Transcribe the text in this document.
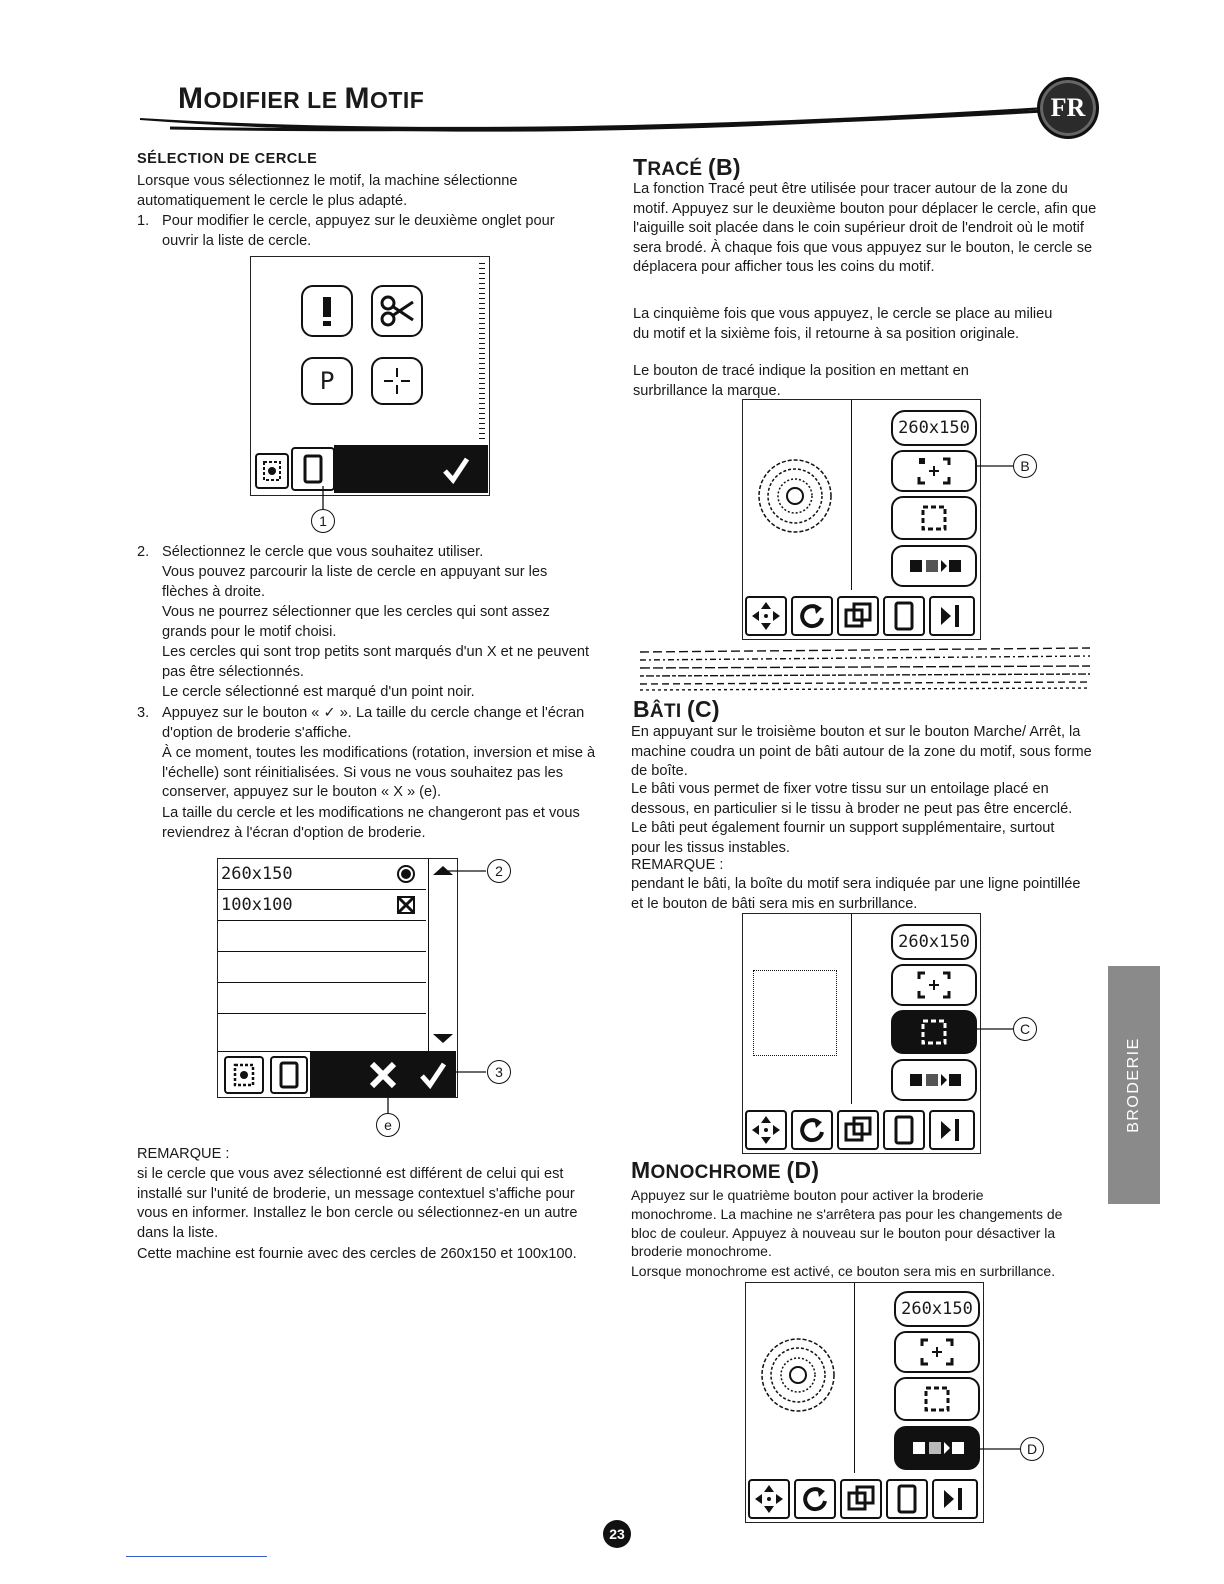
MODIFIER LE MOTIF	FR
SÉLECTION DE CERCLE

Lorsque vous sélectionnez le motif, la machine sélectionne automatiquement le cercle le plus adapté.

1. Pour modifier le cercle, appuyez sur le deuxième onglet pour ouvrir la liste de cercle.

P
1
2. Sélectionnez le cercle que vous souhaitez utiliser.

Vous pouvez parcourir la liste de cercle en appuyant sur les flèches à droite.

Vous ne pourrez sélectionner que les cercles qui sont assez grands pour le motif choisi.

Les cercles qui sont trop petits sont marqués d'un X et ne peuvent pas être sélectionnés.

Le cercle sélectionné est marqué d'un point noir.

3. Appuyez sur le bouton « ✓ ». La taille du cercle change et l'écran d'option de broderie s'affiche.

À ce moment, toutes les modifications (rotation, inversion et mise à l'échelle) sont réinitialisées. Si vous ne vous souhaitez pas les conserver, appuyez sur le bouton « X » (e).

La taille du cercle et les modifications ne changeront pas et vous reviendrez à l'écran d'option de broderie.

260x150
100x100
2
3
e

REMARQUE :

si le cercle que vous avez sélectionné est différent de celui qui est installé sur l'unité de broderie, un message contextuel s'affiche pour vous en informer. Installez le bon cercle ou sélectionnez-en un autre dans la liste.

Cette machine est fournie avec des cercles de 260x150 et 100x100.

TRACÉ (B)

La fonction Tracé peut être utilisée pour tracer autour de la zone du motif. Appuyez sur le deuxième bouton pour déplacer le cercle, afin que l'aiguille soit placée dans le coin supérieur droit de l'endroit où le motif sera brodé. À chaque fois que vous appuyez sur le bouton, le cercle se déplacera pour afficher tous les coins du motif.

La cinquième fois que vous appuyez, le cercle se place au milieu du motif et la sixième fois, il retourne à sa position originale.

Le bouton de tracé indique la position en mettant en surbrillance la marque.

260x150
B
BÂTI (C)

En appuyant sur le troisième bouton et sur le bouton Marche/ Arrêt, la machine coudra un point de bâti autour de la zone du motif, sous forme de boîte.

Le bâti vous permet de fixer votre tissu sur un entoilage placé en dessous, en particulier si le tissu à broder ne peut pas être encerclé. Le bâti peut également fournir un support supplémentaire, surtout pour les tissus instables.

REMARQUE :

pendant le bâti, la boîte du motif sera indiquée par une ligne pointillée et le bouton de bâti sera mis en surbrillance.

260x150
C
MONOCHROME (D)

Appuyez sur le quatrième bouton pour activer la broderie monochrome. La machine ne s'arrêtera pas pour les changements de bloc de couleur. Appuyez à nouveau sur le bouton pour désactiver la broderie monochrome.

Lorsque monochrome est activé, ce bouton sera mis en surbrillance.

260x150
D
BRODERIE
23
